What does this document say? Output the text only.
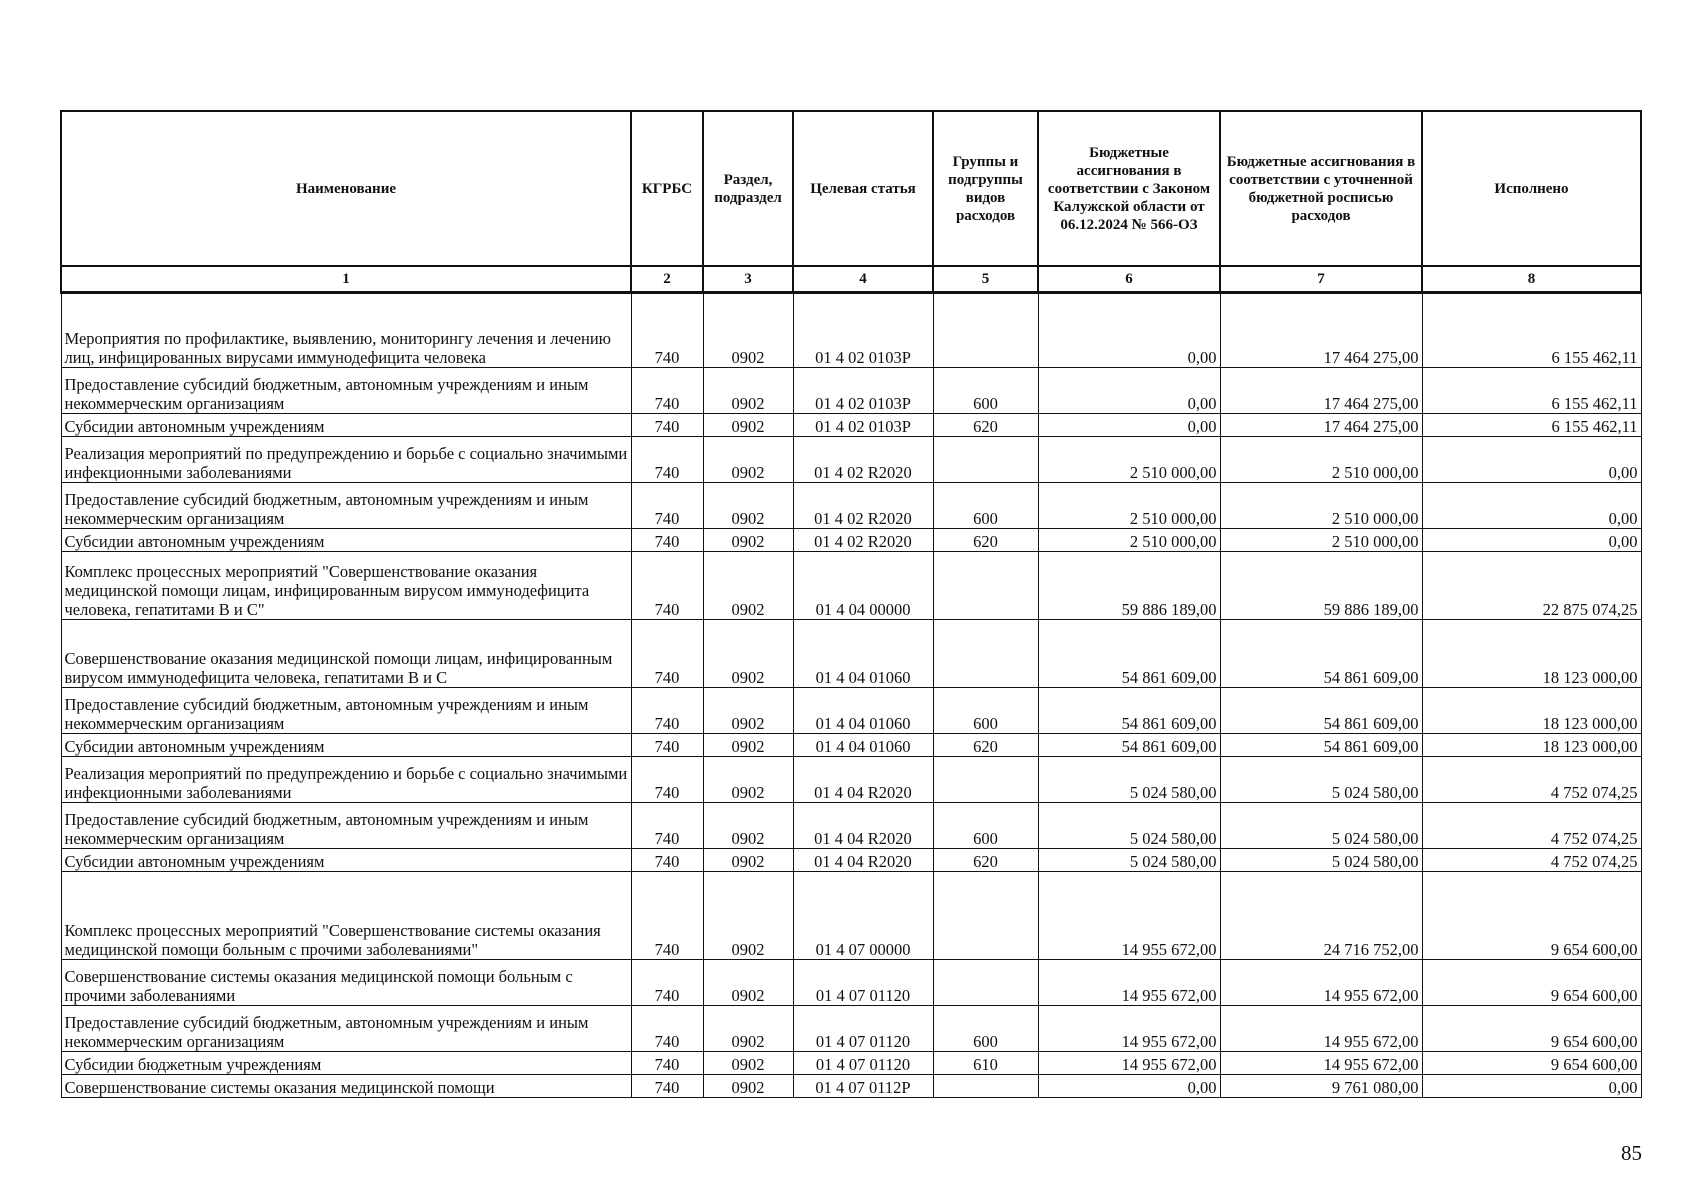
Наименование	КГРБС	Раздел, подраздел	Целевая статья	Группы и подгруппы видов расходов	Бюджетные ассигнования в соответствии с Законом Калужской области от 06.12.2024 № 566-ОЗ	Бюджетные ассигнования в соответствии с уточненной бюджетной росписью расходов	Исполнено
1	2	3	4	5	6	7	8
Мероприятия по профилактике, выявлению, мониторингу лечения и лечению лиц, инфицированных вирусами иммунодефицита человека	740	0902	01 4 02 0103Р		0,00	17 464 275,00	6 155 462,11
Предоставление субсидий бюджетным, автономным учреждениям и иным некоммерческим организациям	740	0902	01 4 02 0103Р	600	0,00	17 464 275,00	6 155 462,11
Субсидии автономным учреждениям	740	0902	01 4 02 0103Р	620	0,00	17 464 275,00	6 155 462,11
Реализация мероприятий по предупреждению и борьбе с социально значимыми инфекционными заболеваниями	740	0902	01 4 02 R2020		2 510 000,00	2 510 000,00	0,00
Предоставление субсидий бюджетным, автономным учреждениям и иным некоммерческим организациям	740	0902	01 4 02 R2020	600	2 510 000,00	2 510 000,00	0,00
Субсидии автономным учреждениям	740	0902	01 4 02 R2020	620	2 510 000,00	2 510 000,00	0,00
Комплекс процессных мероприятий "Совершенствование оказания медицинской помощи лицам, инфицированным вирусом иммунодефицита человека, гепатитами В и С"	740	0902	01 4 04 00000		59 886 189,00	59 886 189,00	22 875 074,25
Совершенствование оказания медицинской помощи лицам, инфицированным вирусом иммунодефицита человека, гепатитами В и С	740	0902	01 4 04 01060		54 861 609,00	54 861 609,00	18 123 000,00
Предоставление субсидий бюджетным, автономным учреждениям и иным некоммерческим организациям	740	0902	01 4 04 01060	600	54 861 609,00	54 861 609,00	18 123 000,00
Субсидии автономным учреждениям	740	0902	01 4 04 01060	620	54 861 609,00	54 861 609,00	18 123 000,00
Реализация мероприятий по предупреждению и борьбе с социально значимыми инфекционными заболеваниями	740	0902	01 4 04 R2020		5 024 580,00	5 024 580,00	4 752 074,25
Предоставление субсидий бюджетным, автономным учреждениям и иным некоммерческим организациям	740	0902	01 4 04 R2020	600	5 024 580,00	5 024 580,00	4 752 074,25
Субсидии автономным учреждениям	740	0902	01 4 04 R2020	620	5 024 580,00	5 024 580,00	4 752 074,25
Комплекс процессных мероприятий "Совершенствование системы оказания медицинской помощи больным с прочими заболеваниями"	740	0902	01 4 07 00000		14 955 672,00	24 716 752,00	9 654 600,00
Совершенствование системы оказания медицинской помощи больным с прочими заболеваниями	740	0902	01 4 07 01120		14 955 672,00	14 955 672,00	9 654 600,00
Предоставление субсидий бюджетным, автономным учреждениям и иным некоммерческим организациям	740	0902	01 4 07 01120	600	14 955 672,00	14 955 672,00	9 654 600,00
Субсидии бюджетным учреждениям	740	0902	01 4 07 01120	610	14 955 672,00	14 955 672,00	9 654 600,00
Совершенствование системы оказания медицинской помощи	740	0902	01 4 07 0112Р		0,00	9 761 080,00	0,00
85
